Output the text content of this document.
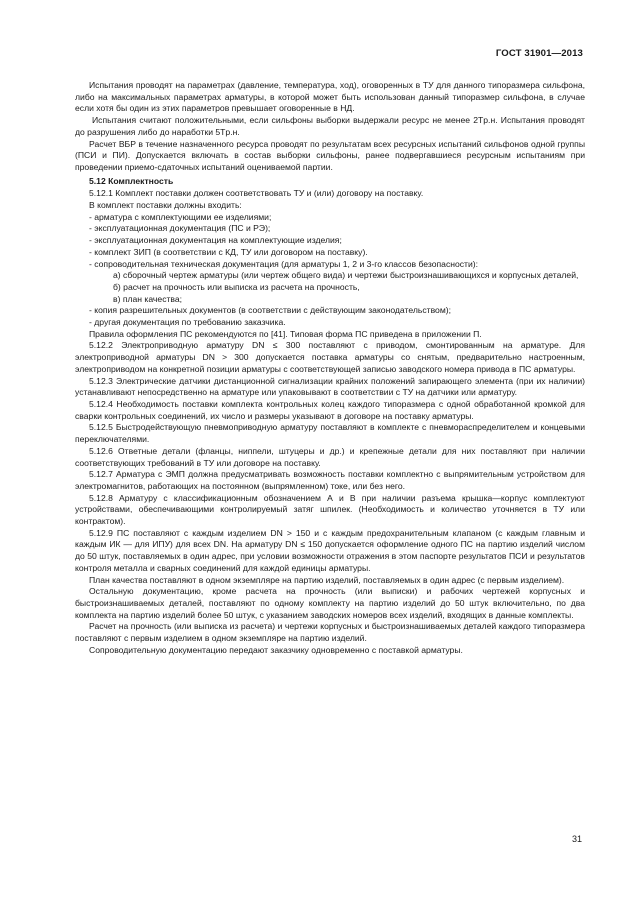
ГОСТ 31901—2013

Испытания проводят на параметрах (давление, температура, ход), оговоренных в ТУ для данного типоразмера сильфона, либо на максимальных параметрах арматуры, в которой может быть использован данный типоразмер сильфона, в случае если хотя бы один из этих параметров превышает оговоренные в НД.

Испытания считают положительными, если сильфоны выборки выдержали ресурс не менее 2Tр.н. Испытания проводят до разрушения либо до наработки 5Tр.н.

Расчет ВБР в течение назначенного ресурса проводят по результатам всех ресурсных испытаний сильфонов одной группы (ПСИ и ПИ). Допускается включать в состав выборки сильфоны, ранее подвергавшиеся ресурсным испытаниям при проведении приемо-сдаточных испытаний оцениваемой партии.

5.12 Комплектность

5.12.1 Комплект поставки должен соответствовать ТУ и (или) договору на поставку.

В комплект поставки должны входить:

- арматура с комплектующими ее изделиями;

- эксплуатационная документация (ПС и РЭ);

- эксплуатационная документация на комплектующие изделия;

- комплект ЗИП (в соответствии с КД, ТУ или договором на поставку).

- сопроводительная техническая документация (для арматуры 1, 2 и 3-го классов безопасности):

а) сборочный чертеж арматуры (или чертеж общего вида) и чертежи быстроизнашивающихся и корпусных деталей,

б) расчет на прочность или выписка из расчета на прочность,

в) план качества;

- копия разрешительных документов (в соответствии с действующим законодательством);

- другая документация по требованию заказчика.

Правила оформления ПС рекомендуются по [41]. Типовая форма ПС приведена в приложении П.

5.12.2 Электроприводную арматуру DN ≤ 300 поставляют с приводом, смонтированным на арматуре. Для электроприводной арматуры DN > 300 допускается поставка арматуры со снятым, предварительно настроенным, электроприводом на конкретной позиции арматуры с соответствующей записью заводского номера привода в ПС арматуры.

5.12.3 Электрические датчики дистанционной сигнализации крайних положений запирающего элемента (при их наличии) устанавливают непосредственно на арматуре или упаковывают в соответствии с ТУ на датчики или арматуру.

5.12.4 Необходимость поставки комплекта контрольных колец каждого типоразмера с одной обработанной кромкой для сварки контрольных соединений, их число и размеры указывают в договоре на поставку арматуры.

5.12.5 Быстродействующую пневмоприводную арматуру поставляют в комплекте с пневмораспределителем и концевыми переключателями.

5.12.6 Ответные детали (фланцы, ниппели, штуцеры и др.) и крепежные детали для них поставляют при наличии соответствующих требований в ТУ или договоре на поставку.

5.12.7 Арматура с ЭМП должна предусматривать возможность поставки комплектно с выпрямительным устройством для электромагнитов, работающих на постоянном (выпрямленном) токе, или без него.

5.12.8 Арматуру с классификационным обозначением А и В при наличии разъема крышка—корпус комплектуют устройствами, обеспечивающими контролируемый затяг шпилек. (Необходимость и количество уточняется в ТУ или контрактом).

5.12.9 ПС поставляют с каждым изделием DN > 150 и с каждым предохранительным клапаном (с каждым главным и каждым ИК — для ИПУ) для всех DN. На арматуру DN ≤ 150 допускается оформление одного ПС на партию изделий числом до 50 штук, поставляемых в один адрес, при условии возможности отражения в этом паспорте результатов ПСИ и результатов контроля металла и сварных соединений для каждой единицы арматуры.

План качества поставляют в одном экземпляре на партию изделий, поставляемых в один адрес (с первым изделием).

Остальную документацию, кроме расчета на прочность (или выписки) и рабочих чертежей корпусных и быстроизнашиваемых деталей, поставляют по одному комплекту на партию изделий до 50 штук включительно, по два комплекта на партию изделий более 50 штук, с указанием заводских номеров всех изделий, входящих в данные комплекты.

Расчет на прочность (или выписка из расчета) и чертежи корпусных и быстроизнашиваемых деталей каждого типоразмера поставляют с первым изделием в одном экземпляре на партию изделий.

Сопроводительную документацию передают заказчику одновременно с поставкой арматуры.

31
